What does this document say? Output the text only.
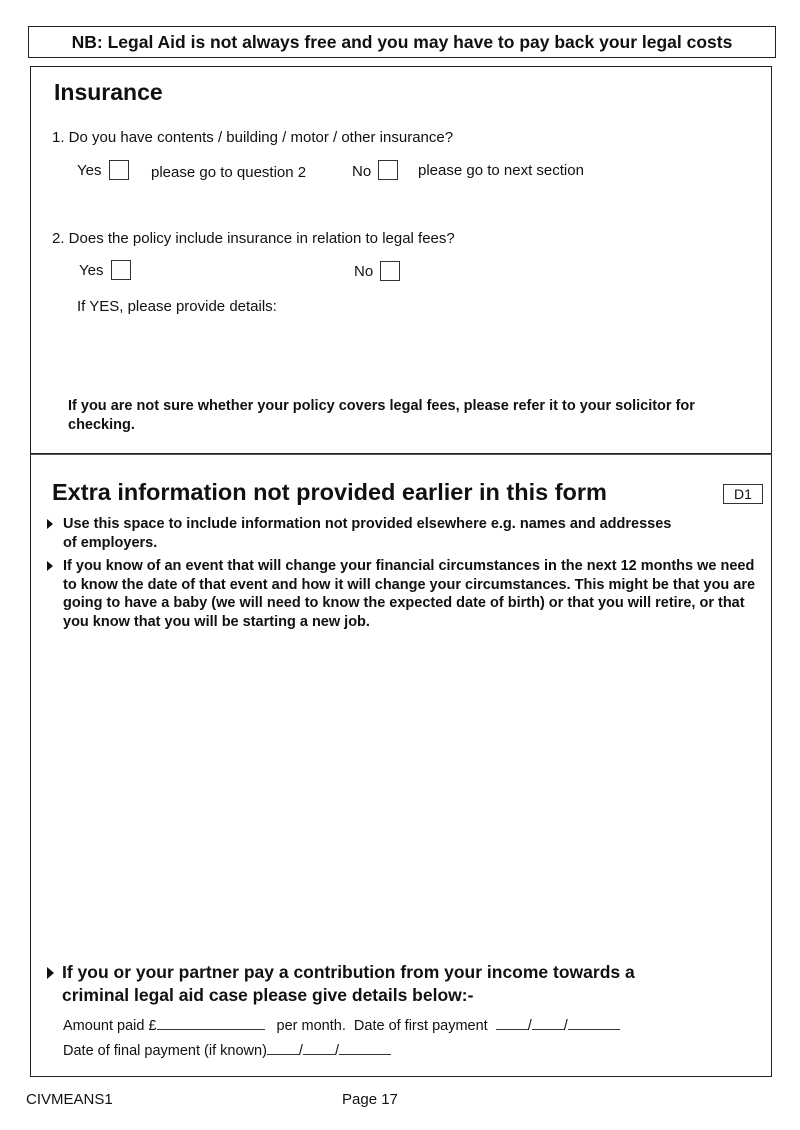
NB: Legal Aid is not always free and you may have to pay back your legal costs
Insurance
1. Do you have contents / building / motor / other insurance?
Yes	please go to question 2	No	please go to next section
2. Does the policy include insurance in relation to legal fees?
Yes	No
If YES, please provide details:
If you are not sure whether your policy covers legal fees, please refer it to your solicitor for checking.
Extra information not provided earlier in this form	D1
Use this space to include information not provided elsewhere e.g. names and addresses of employers.
If you know of an event that will change your financial circumstances in the next 12 months we need to know the date of that event and how it will change your circumstances. This might be that you are going to have a baby (we will need to know the expected date of birth) or that you will retire, or that you know that you will be starting a new job.
If you or your partner pay a contribution from your income towards a criminal legal aid case please give details below:-
Amount paid £	per month. Date of first payment	/ /
Date of final payment (if known) / /
CIVMEANS1	Page 17
